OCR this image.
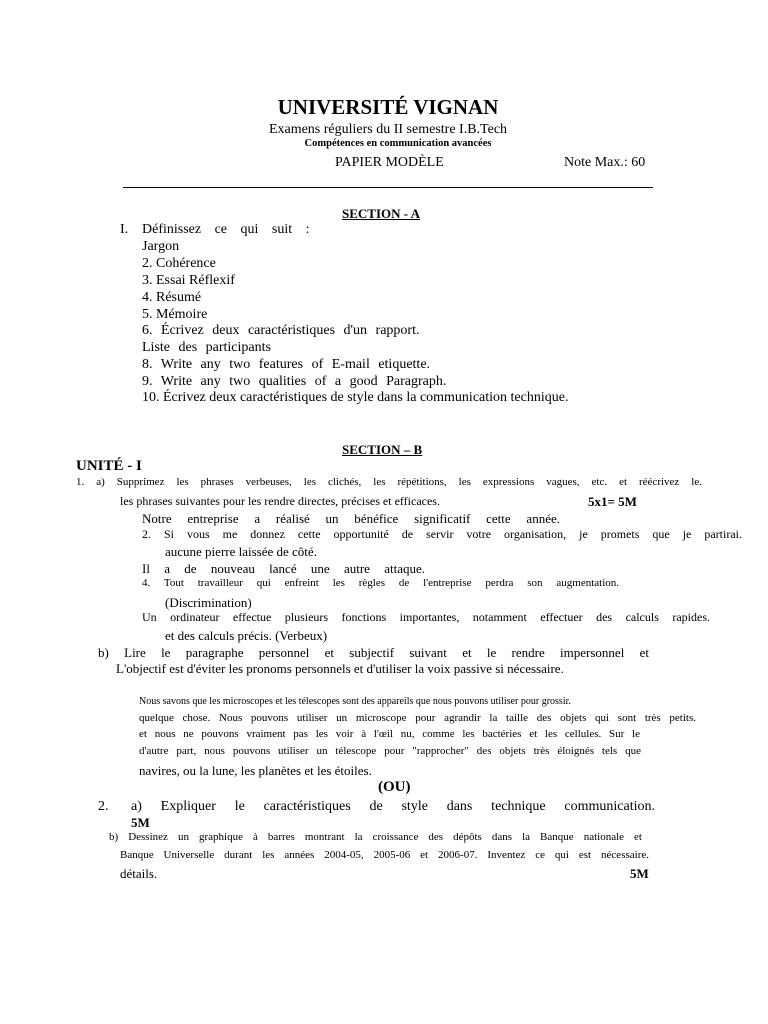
UNIVERSITÉ VIGNAN
Examens réguliers du II semestre I.B.Tech
Compétences en communication avancées
PAPIER MODÈLE	Note Max.: 60
SECTION - A
I. Définissez ce qui suit :
Jargon
2. Cohérence
3. Essai Réflexif
4. Résumé
5. Mémoire
6. Écrivez deux caractéristiques d'un rapport.
Liste des participants
8. Write any two features of E-mail etiquette.
9. Write any two qualities of a good Paragraph.
10. Écrivez deux caractéristiques de style dans la communication technique.
SECTION – B
UNITÉ - I
1. a) Supprimez les phrases verbeuses, les clichés, les répétitions, les expressions vagues, etc. et réécrivez le.
les phrases suivantes pour les rendre directes, précises et efficaces.	5x1= 5M
Notre entreprise a réalisé un bénéfice significatif cette année.
2. Si vous me donnez cette opportunité de servir votre organisation, je promets que je partirai.
aucune pierre laissée de côté.
Il a de nouveau lancé une autre attaque.
4. Tout travailleur qui enfreint les règles de l'entreprise perdra son augmentation.
(Discrimination)
Un ordinateur effectue plusieurs fonctions importantes, notamment effectuer des calculs rapides.
et des calculs précis. (Verbeux)
b) Lire le paragraphe personnel et subjectif suivant et le rendre impersonnel et
L'objectif est d'éviter les pronoms personnels et d'utiliser la voix passive si nécessaire.
Nous savons que les microscopes et les télescopes sont des appareils que nous pouvons utiliser pour grossir.
quelque chose. Nous pouvons utiliser un microscope pour agrandir la taille des objets qui sont très petits.
et nous ne pouvons vraiment pas les voir à l'œil nu, comme les bactéries et les cellules. Sur le
d'autre part, nous pouvons utiliser un télescope pour "rapprocher" des objets très éloignés tels que
navires, ou la lune, les planètes et les étoiles.
(OU)
2. a) Expliquer le caractéristiques de style dans technique communication.
5M
b) Dessinez un graphique à barres montrant la croissance des dépôts dans la Banque nationale et
Banque Universelle durant les années 2004-05, 2005-06 et 2006-07. Inventez ce qui est nécessaire.
détails.	5M
